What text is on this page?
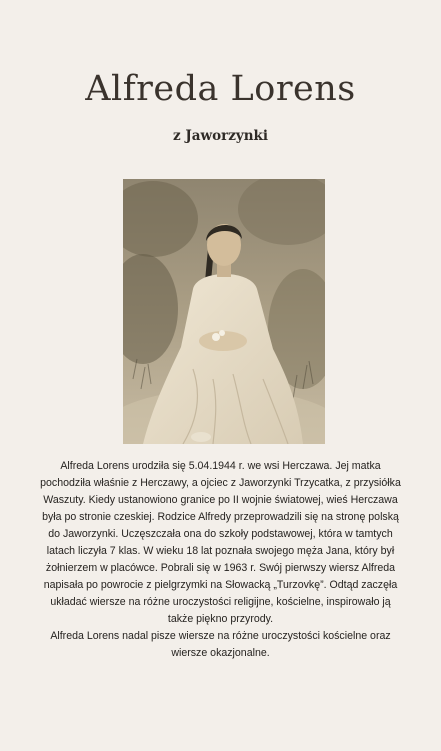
Alfreda Lorens
z Jaworzynki

Alfreda Lorens urodziła się 5.04.1944 r. we wsi Herczawa. Jej matka pochodziła właśnie z Herczawy, a ojciec z Jaworzynki Trzycatka, z przysiółka Waszuty. Kiedy ustanowiono granice po II wojnie światowej, wieś Herczawa była po stronie czeskiej. Rodzice Alfredy przeprowadzili się na stronę polską do Jaworzynki. Uczęszczała ona do szkoły podstawowej, która w tamtych latach liczyła 7 klas. W wieku 18 lat poznała swojego męża Jana, który był żołnierzem w placówce. Pobrali się w 1963 r. Swój pierwszy wiersz Alfreda napisała po powrocie z pielgrzymki na Słowacką „Turzovkę”. Odtąd zaczęła układać wiersze na różne uroczystości religijne, kościelne, inspirowało ją także piękno przyrody.

Alfreda Lorens nadal pisze wiersze na różne uroczystości kościelne oraz wiersze okazjonalne.
